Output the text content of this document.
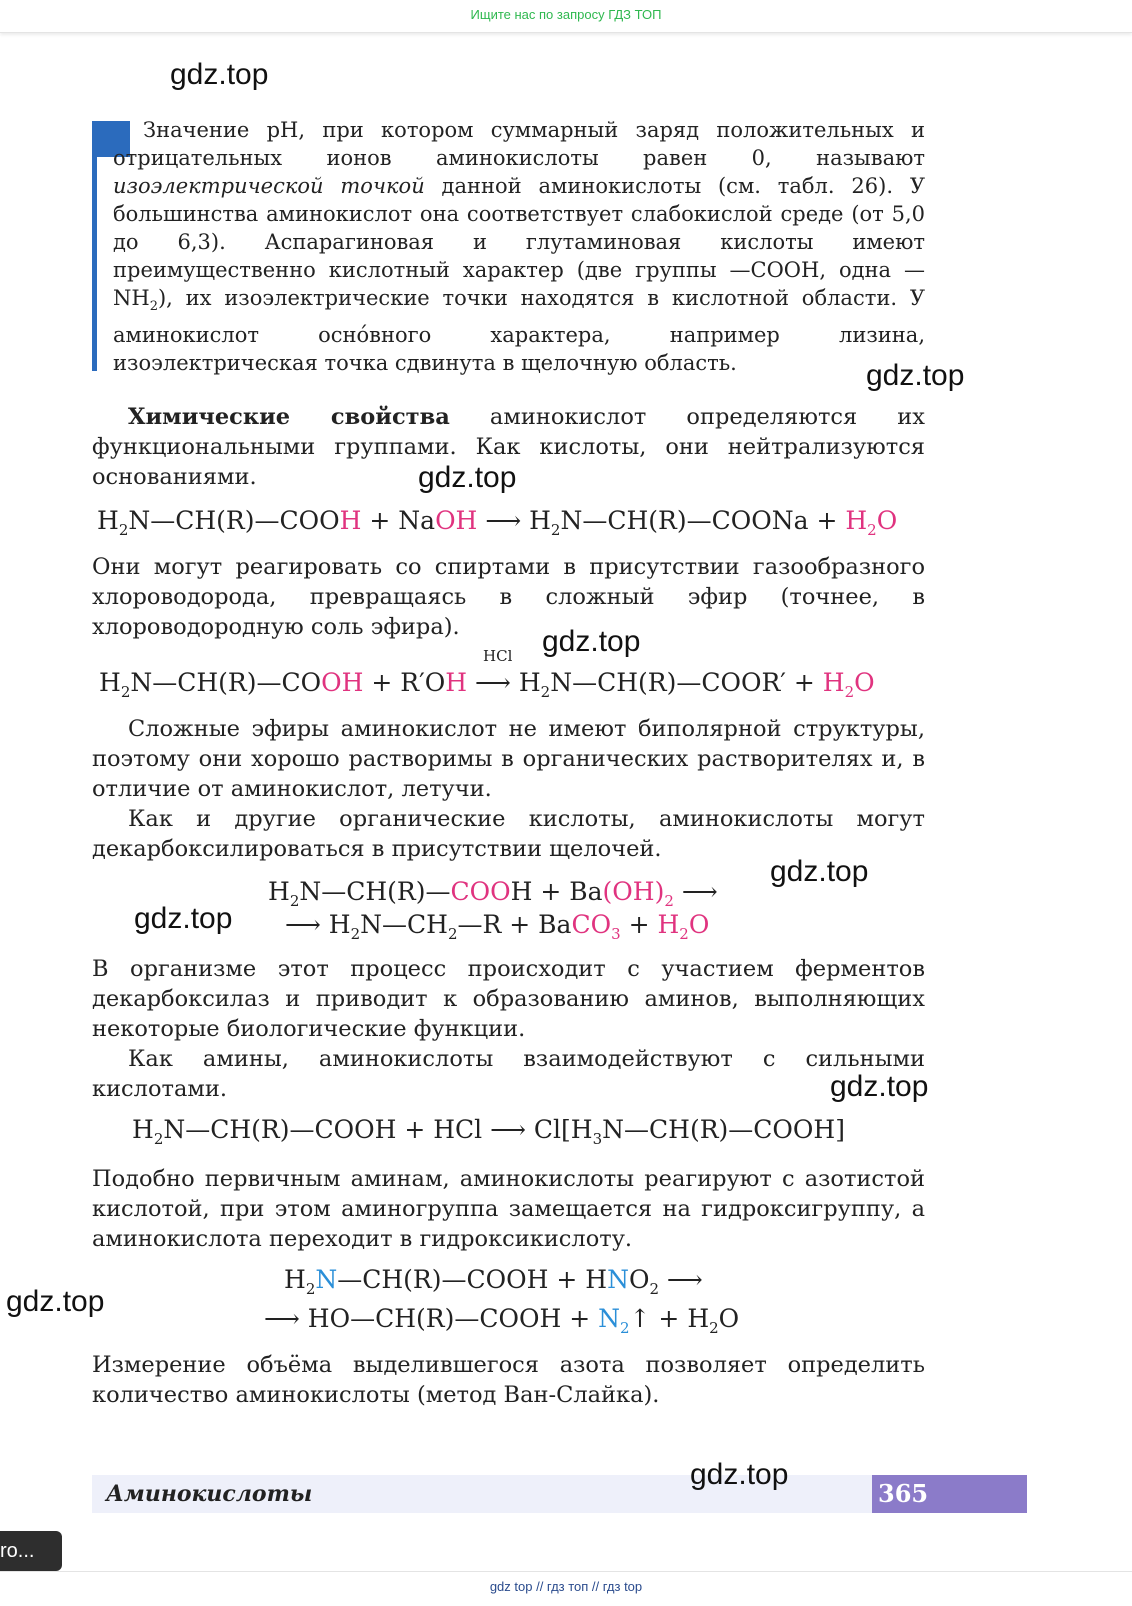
Ищите нас по запросу ГДЗ ТОП
gdz.top

Значение pH, при котором суммарный заряд положительных и отрицательных ионов аминокислоты равен 0, называют изоэлектрической точкой данной аминокислоты (см. табл. 26). У большинства аминокислот она соответствует слабокислой среде (от 5,0 до 6,3). Аспарагиновая и глутаминовая кислоты имеют преимущественно кислотный характер (две группы —COOH, одна $—NH_2$), их изоэлектрические точки находятся в кислотной области. У аминокислот осно́вного характера, например лизина, изоэлектрическая точка сдвинута в щелочную область.	gdz.top

Химические свойства аминокислот определяются их функциональными группами. Как кислоты, они нейтрализуются основаниями.	gdz.top
$H_2N—CH(R)—COOH$ + NaOH ⟶ $H_2N—CH(R)—COONa + H_2O$

Они могут реагировать со спиртами в присутствии газообразного хлороводорода, превращаясь в сложный эфир (точнее, в хлороводородную соль эфира).	gdz.top
$H_2N—CH(R)—COOH + R'OH$
HCl
⟶ $H_2N—CH(R)—COOR' + H_2O$

Сложные эфиры аминокислот не имеют биполярной структуры, поэтому они хорошо растворимы в органических растворителях и, в отличие от аминокислот, летучи.

Как и другие органические кислоты, аминокислоты могут декарбоксилироваться в присутствии щелочей.

gdz.top
$H_2N—CH(R)—COOH + Ba(OH)_2$ ⟶
gdz.top ⟶ $H_2N—CH_2—R$ + BaCO$_3$ + $H_2O$

В организме этот процесс происходит с участием ферментов декарбоксилаз и приводит к образованию аминов, выполняющих некоторые биологические функции.

Как амины, аминокислоты взаимодействуют с сильными кислотами.	gdz.top
$H_2N—CH(R)—COOH$ + HCl ⟶ $Cl[H_3N—CH(R)—COOH]$

Подобно первичным аминам, аминокислоты реагируют с азотистой кислотой, при этом аминогруппа замещается на гидроксигруппу, а аминокислота переходит в гидроксикислоту.

$H_2N—CH(R)—COOH + HNO_2$ ⟶
gdz.top
⟶ HO—CH(R)—COOH + $N_2↑ + H_2O$

Измерение объёма выделившегося азота позволяет определить количество аминокислоты (метод Ван-Слайка).

Аминокислоты	365
gdz.top
ro...
gdz top // гдз топ // гдз top
